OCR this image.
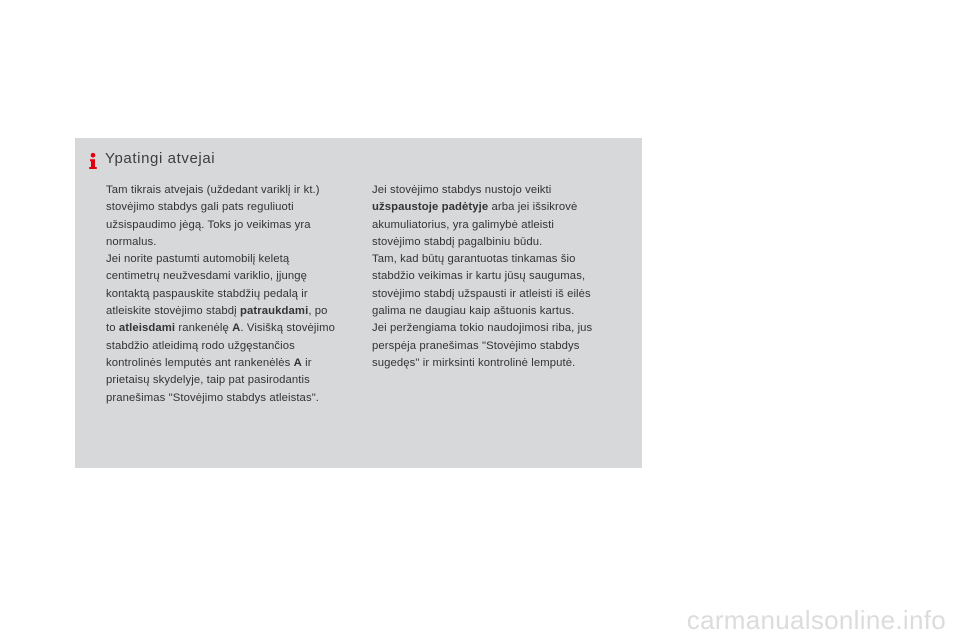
Ypatingi atvejai
Tam tikrais atvejais (uždedant variklį ir kt.)
stovėjimo stabdys gali pats reguliuoti
užsispaudimo jėgą. Toks jo veikimas yra
normalus.
Jei norite pastumti automobilį keletą
centimetrų neužvesdami variklio, įjungę
kontaktą paspauskite stabdžių pedalą ir
atleiskite stovėjimo stabdį patraukdami, po
to atleisdami rankenėlę A. Visišką stovėjimo
stabdžio atleidimą rodo užgęstančios
kontrolinės lemputės ant rankenėlės A ir
prietaisų skydelyje, taip pat pasirodantis
pranešimas "Stovėjimo stabdys atleistas".
Jei stovėjimo stabdys nustojo veikti
užspaustoje padėtyje arba jei išsikrovė
akumuliatorius, yra galimybė atleisti
stovėjimo stabdį pagalbiniu būdu.
Tam, kad būtų garantuotas tinkamas šio
stabdžio veikimas ir kartu jūsų saugumas,
stovėjimo stabdį užspausti ir atleisti iš eilės
galima ne daugiau kaip aštuonis kartus.
Jei peržengiama tokio naudojimosi riba, jus
perspėja pranešimas "Stovėjimo stabdys
sugedęs" ir mirksinti kontrolinė lemputė.
carmanualsonline.info
